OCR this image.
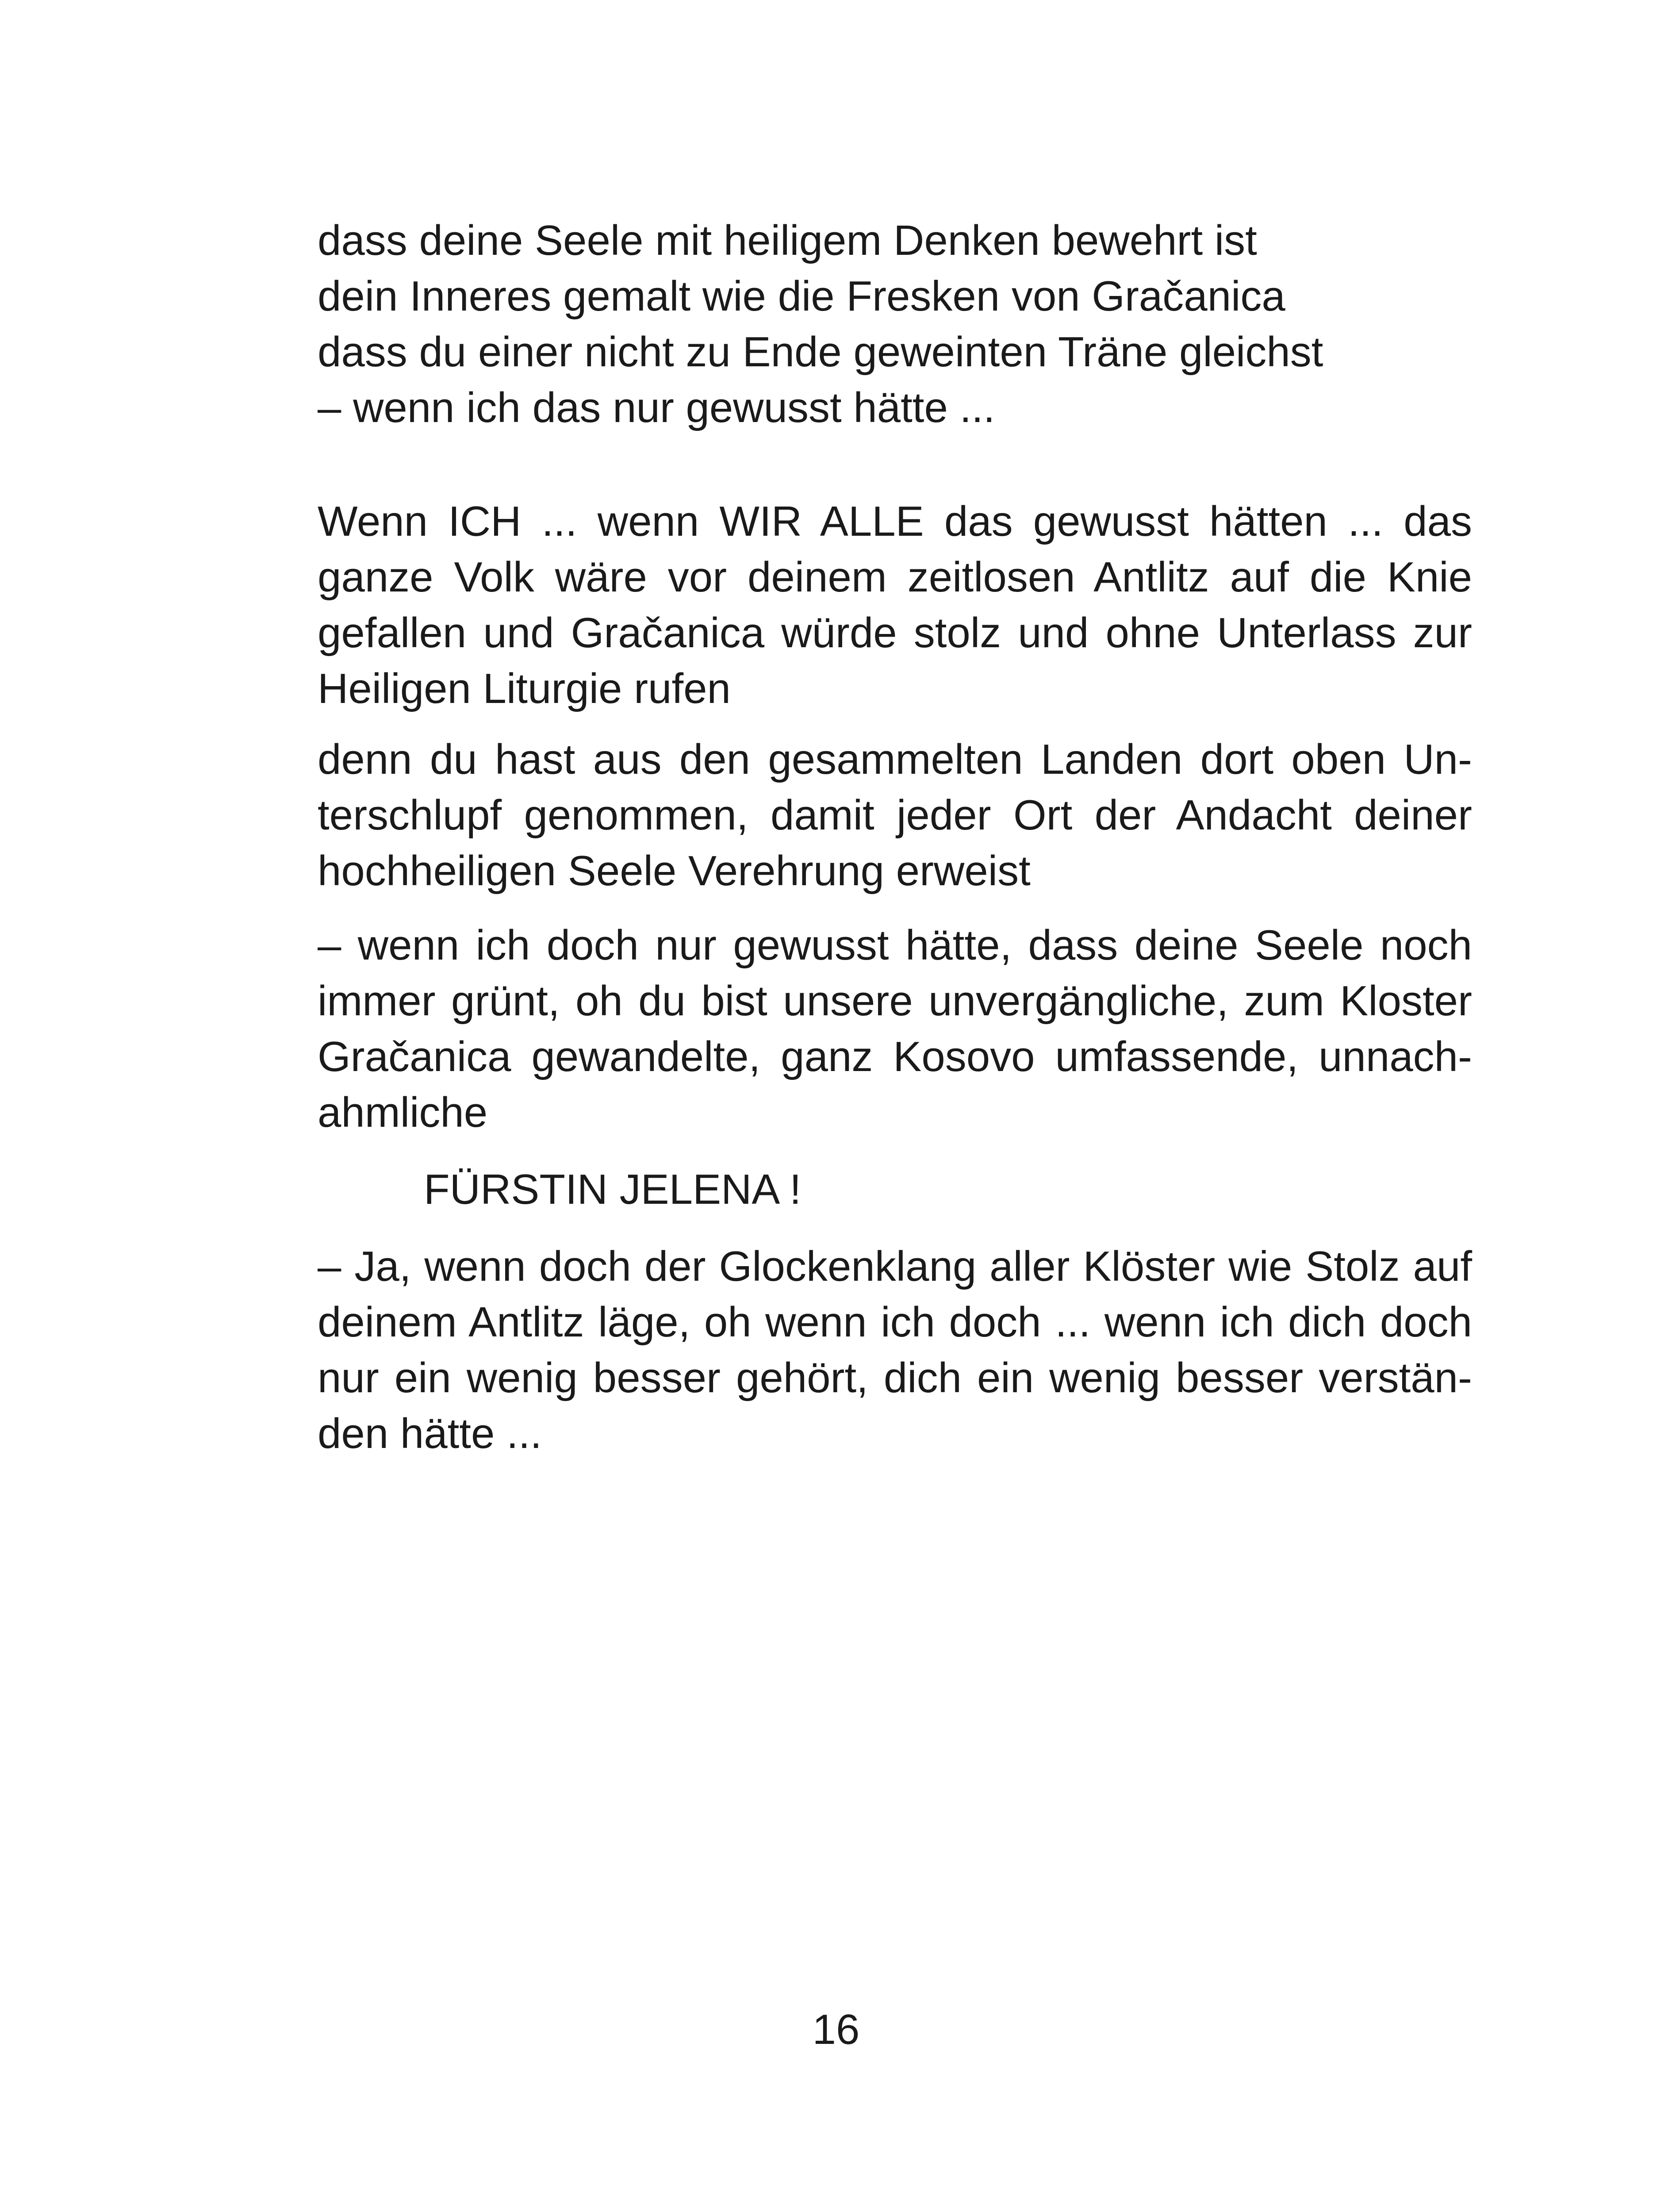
dass deine Seele mit heiligem Denken bewehrt ist
dein Inneres gemalt wie die Fresken von Gračanica
dass du einer nicht zu Ende geweinten Träne gleichst
– wenn ich das nur gewusst hätte ...
Wenn ICH ... wenn WIR ALLE das gewusst hätten ... das
ganze Volk wäre vor deinem zeitlosen Antlitz auf die Knie
gefallen und Gračanica würde stolz und ohne Unterlass zur
Heiligen Liturgie rufen
denn du hast aus den gesammelten Landen dort oben Un-
terschlupf genommen, damit jeder Ort der Andacht deiner
hochheiligen Seele Verehrung erweist
– wenn ich doch nur gewusst hätte, dass deine Seele noch
immer grünt, oh du bist unsere unvergängliche, zum Kloster
Gračanica gewandelte, ganz Kosovo umfassende, unnach-
ahmliche
FÜRSTIN JELENA !
– Ja, wenn doch der Glockenklang aller Klöster wie Stolz auf
deinem Antlitz läge, oh wenn ich doch ... wenn ich dich doch
nur ein wenig besser gehört, dich ein wenig besser verstän-
den hätte ...
16
